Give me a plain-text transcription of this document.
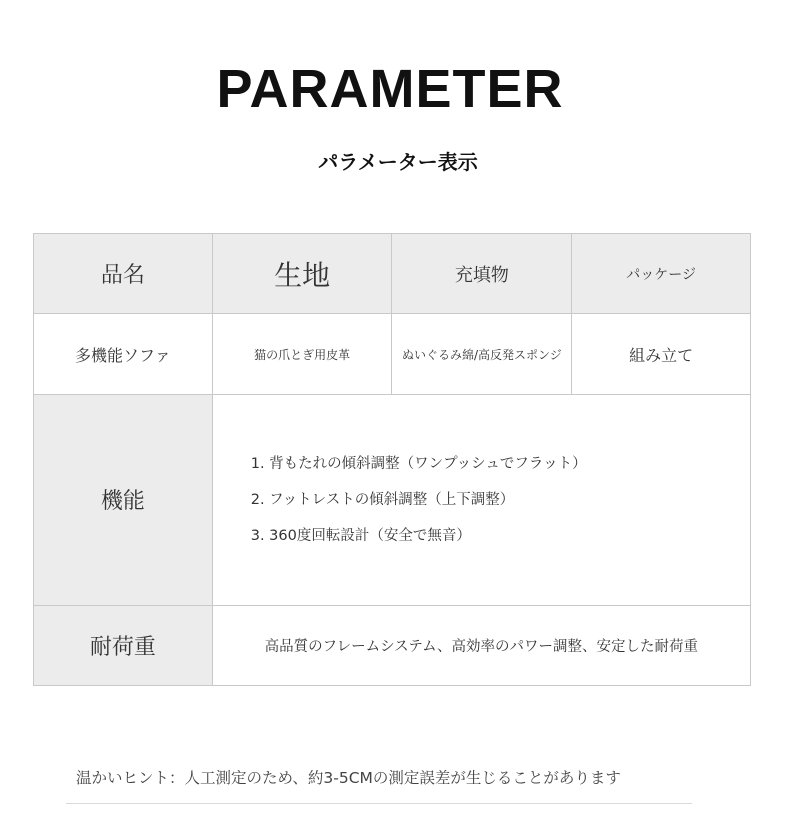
PARAMETER
パラメーター表示
品名	生地	充填物	パッケージ
多機能ソファ	猫の爪とぎ用皮革	ぬいぐるみ綿/高反発スポンジ	組み立て
機能	1. 背もたれの傾斜調整（ワンプッシュでフラット）
2. フットレストの傾斜調整（上下調整）
3. 360度回転設計（安全で無音）		

耐荷重	高品質のフレームシステム、高効率のパワー調整、安定した耐荷重		
温かいヒント：人工測定のため、約3-5CMの測定誤差が生じることがあります
